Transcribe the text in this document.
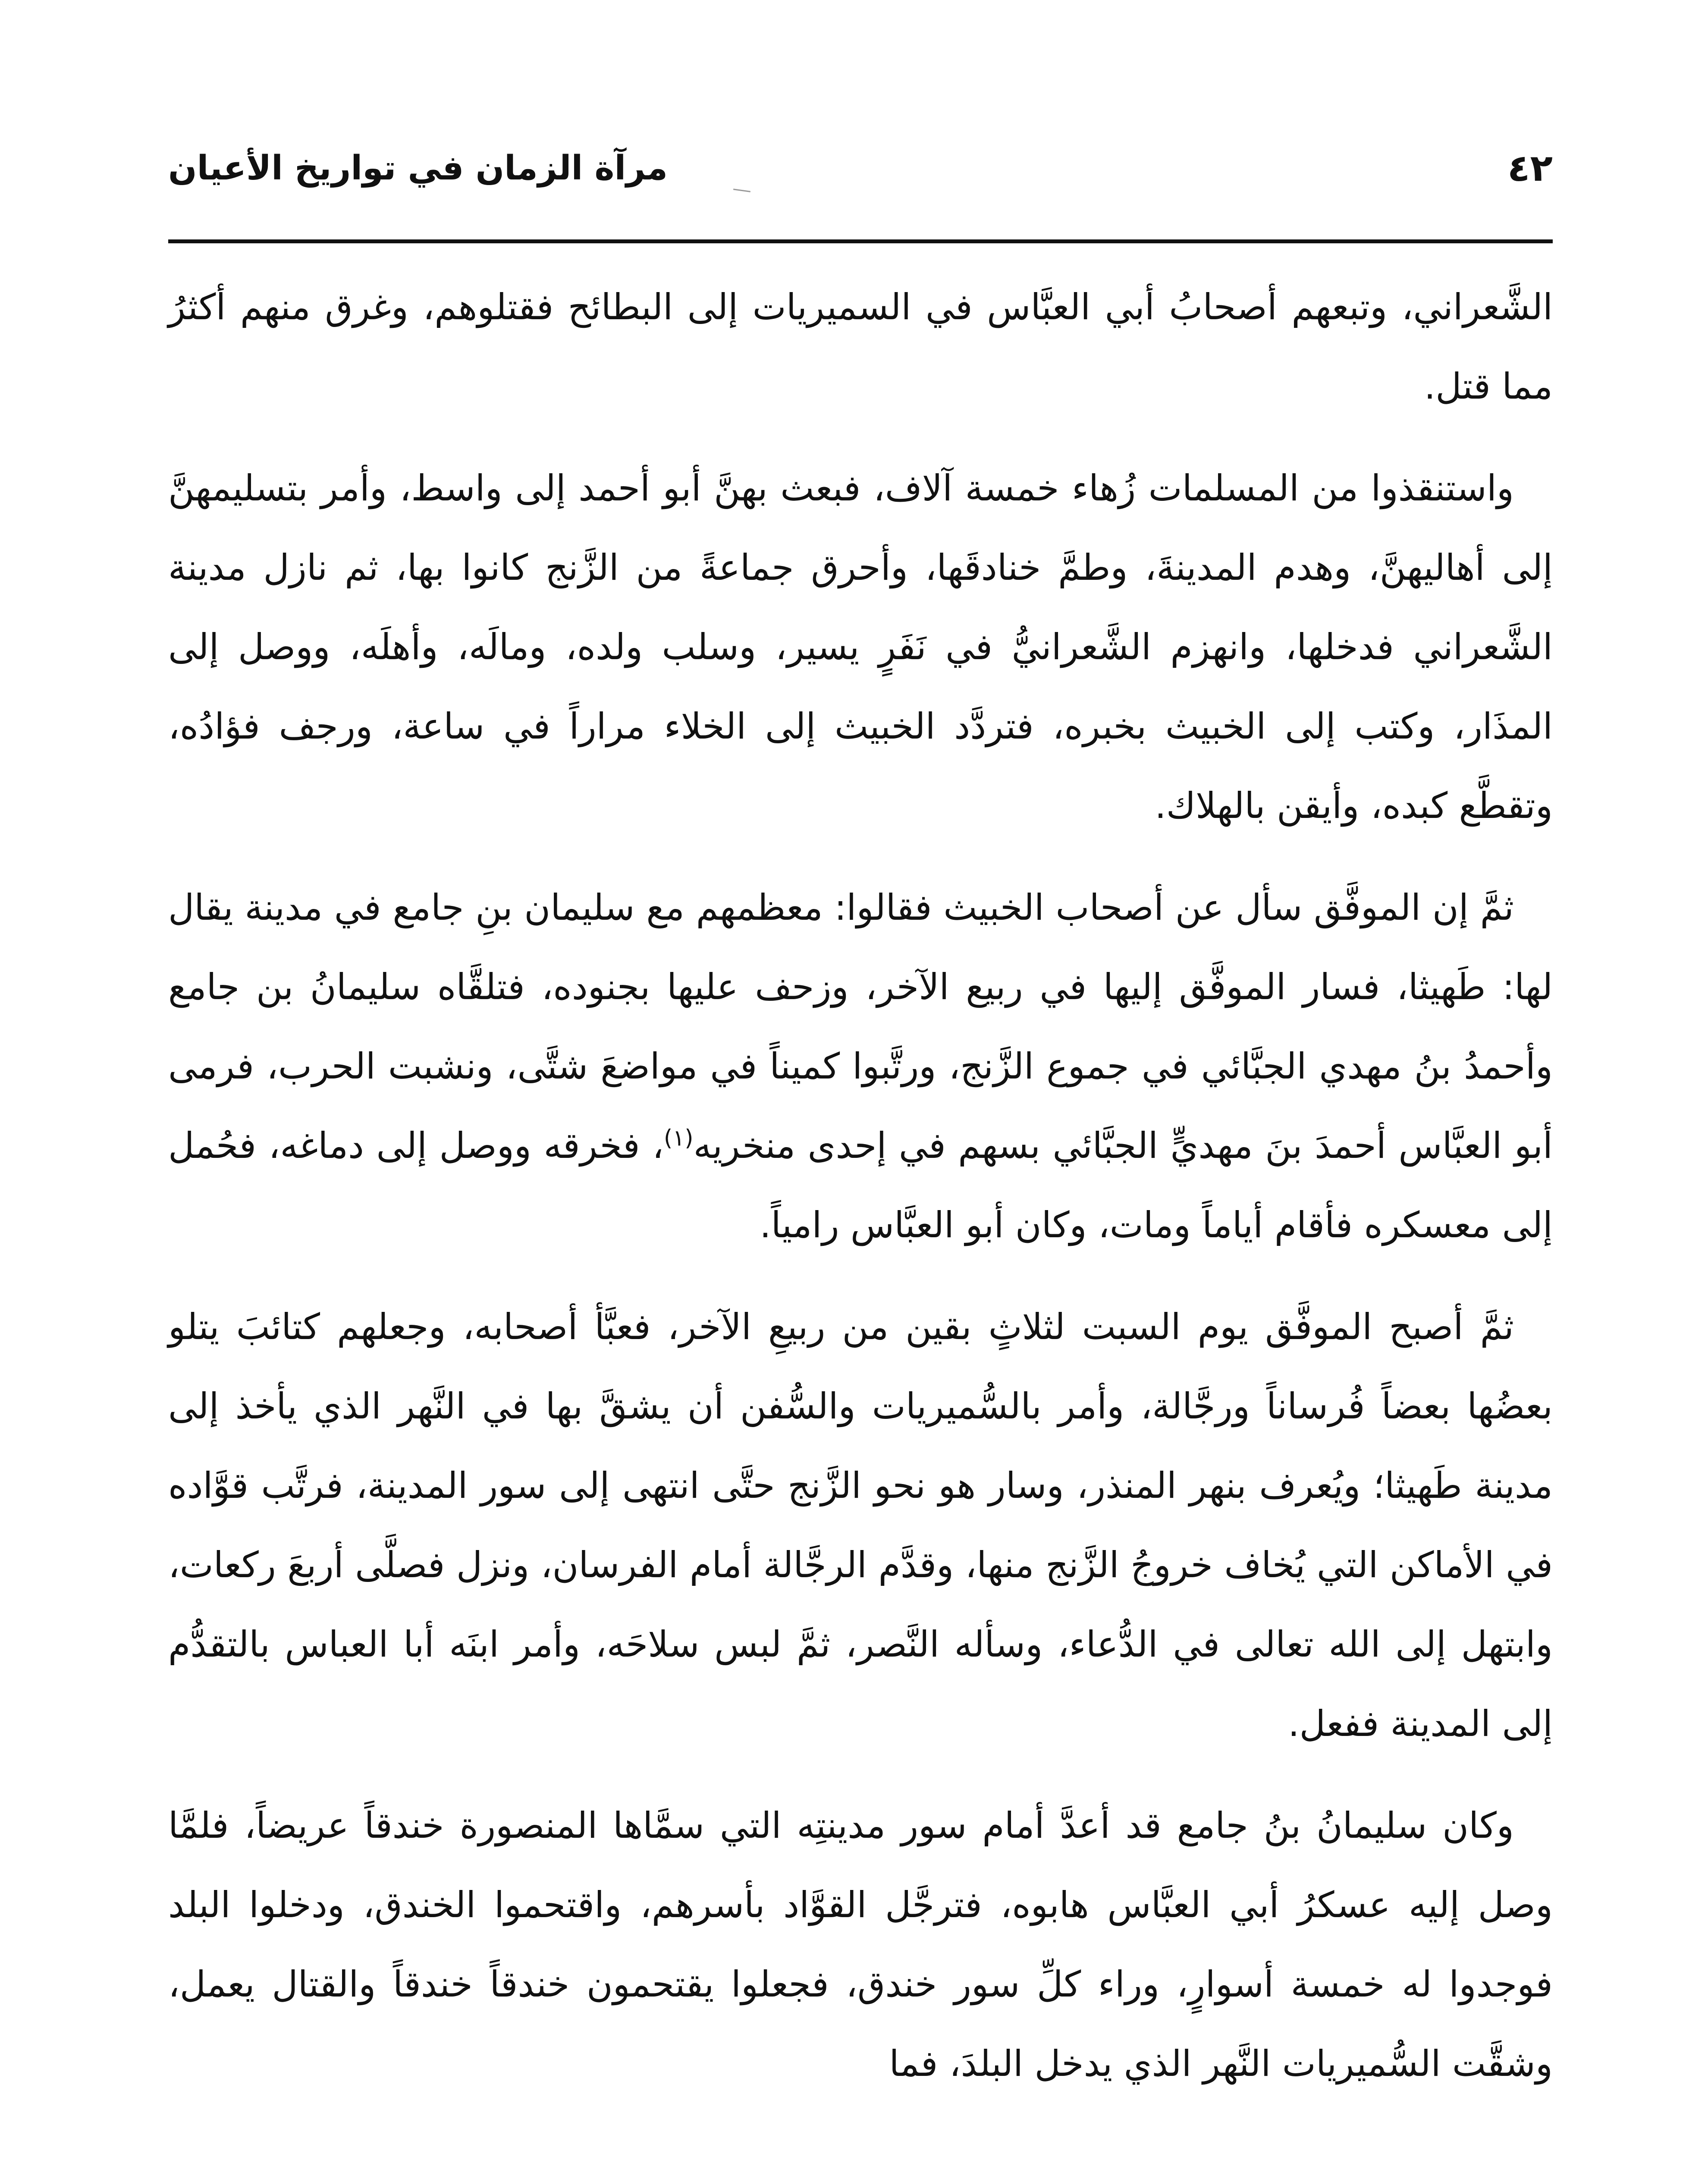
٤٢
مرآة الزمان في تواريخ الأعيان

الشَّعراني، وتبعهم أصحابُ أبي العبَّاس في السميريات إلى البطائح فقتلوهم، وغرق منهم أكثرُ مما قتل.

واستنقذوا من المسلمات زُهاء خمسة آلاف، فبعث بهنَّ أبو أحمد إلى واسط، وأمر بتسليمهنَّ إلى أهاليهنَّ، وهدم المدينةَ، وطمَّ خنادقَها، وأحرق جماعةً من الزَّنج كانوا بها، ثم نازل مدينة الشَّعراني فدخلها، وانهزم الشَّعرانيُّ في نَفَرٍ يسير، وسلب ولده، ومالَه، وأهلَه، ووصل إلى المذَار، وكتب إلى الخبيث بخبره، فتردَّد الخبيث إلى الخلاء مراراً في ساعة، ورجف فؤادُه، وتقطَّع كبده، وأيقن بالهلاك.

ثمَّ إن الموفَّق سأل عن أصحاب الخبيث فقالوا: معظمهم مع سليمان بنِ جامع في مدينة يقال لها: طَهيثا، فسار الموفَّق إليها في ربيع الآخر، وزحف عليها بجنوده، فتلقَّاه سليمانُ بن جامع وأحمدُ بنُ مهدي الجبَّائي في جموع الزَّنج، ورتَّبوا كميناً في مواضعَ شتَّى، ونشبت الحرب، فرمى أبو العبَّاس أحمدَ بنَ مهديٍّ الجبَّائي بسهم في إحدى منخريه$^{(١)}$، فخرقه ووصل إلى دماغه، فحُمل إلى معسكره فأقام أياماً ومات، وكان أبو العبَّاس رامياً.

ثمَّ أصبح الموفَّق يوم السبت لثلاثٍ بقين من ربيعِ الآخر، فعبَّأ أصحابه، وجعلهم كتائبَ يتلو بعضُها بعضاً فُرساناً ورجَّالة، وأمر بالسُّميريات والسُّفن أن يشقَّ بها في النَّهر الذي يأخذ إلى مدينة طَهيثا؛ ويُعرف بنهر المنذر، وسار هو نحو الزَّنج حتَّى انتهى إلى سور المدينة، فرتَّب قوَّاده في الأماكن التي يُخاف خروجُ الزَّنج منها، وقدَّم الرجَّالة أمام الفرسان، ونزل فصلَّى أربعَ ركعات، وابتهل إلى الله تعالى في الدُّعاء، وسأله النَّصر، ثمَّ لبس سلاحَه، وأمر ابنَه أبا العباس بالتقدُّم إلى المدينة ففعل.

وكان سليمانُ بنُ جامع قد أعدَّ أمام سور مدينتِه التي سمَّاها المنصورة خندقاً عريضاً، فلمَّا وصل إليه عسكرُ أبي العبَّاس هابوه، فترجَّل القوَّاد بأسرهم، واقتحموا الخندق، ودخلوا البلد فوجدوا له خمسة أسوارٍ، وراء كلِّ سور خندق، فجعلوا يقتحمون خندقاً خندقاً والقتال يعمل، وشقَّت السُّميريات النَّهر الذي يدخل البلدَ، فما
